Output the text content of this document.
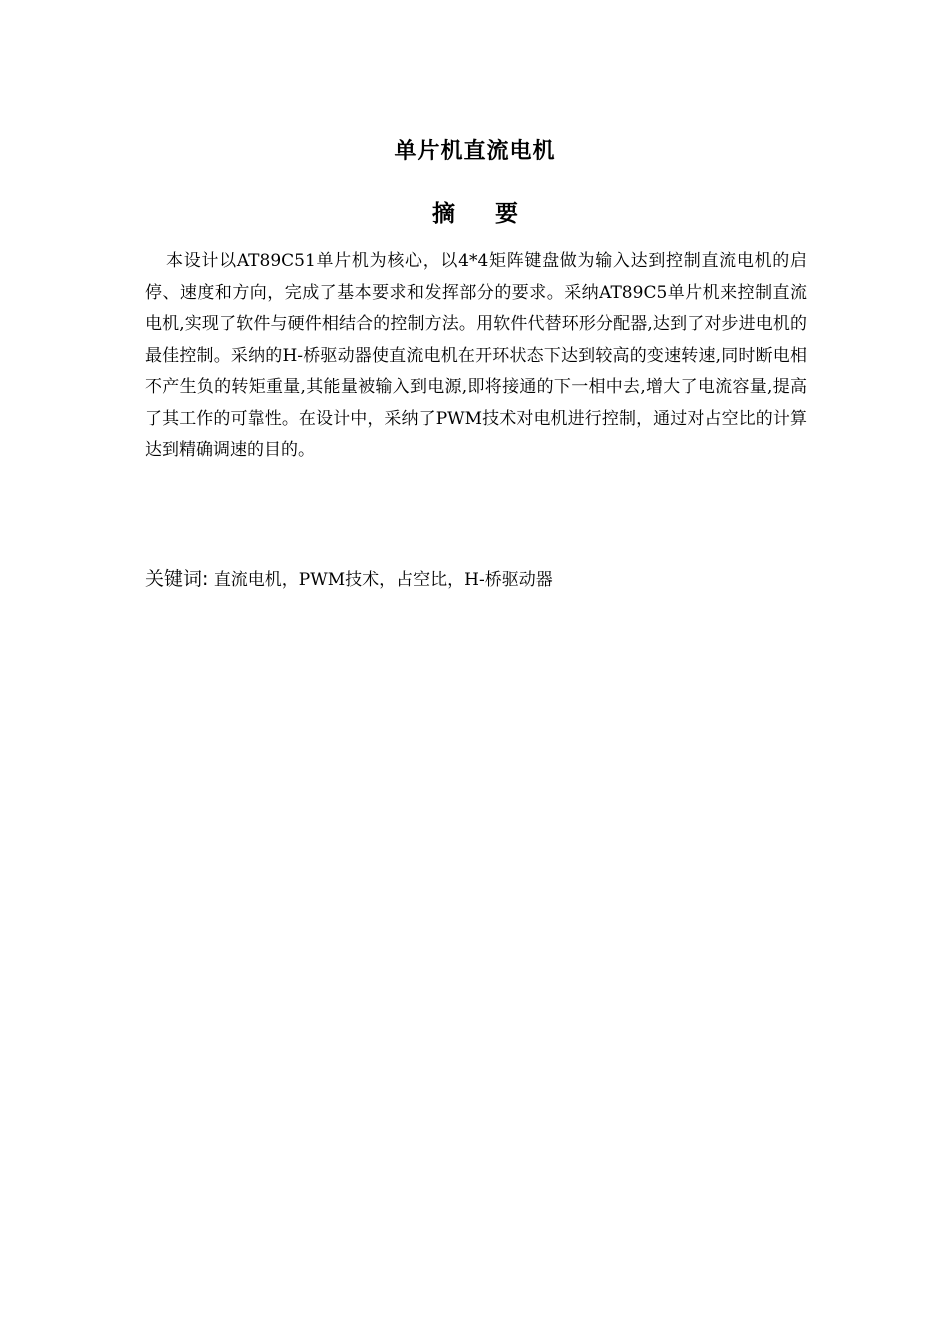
单片机直流电机
摘 要

本设计以AT89C51单片机为核心，以4*4矩阵键盘做为输入达到控制直流电机的启停、速度和方向，完成了基本要求和发挥部分的要求。采纳AT89C5单片机来控制直流电机,实现了软件与硬件相结合的控制方法。用软件代替环形分配器,达到了对步进电机的最佳控制。采纳的H-桥驱动器使直流电机在开环状态下达到较高的变速转速,同时断电相不产生负的转矩重量,其能量被输入到电源,即将接通的下一相中去,增大了电流容量,提高了其工作的可靠性。在设计中，采纳了PWM技术对电机进行控制，通过对占空比的计算达到精确调速的目的。

关键词: 直流电机，PWM技术，占空比，H-桥驱动器
